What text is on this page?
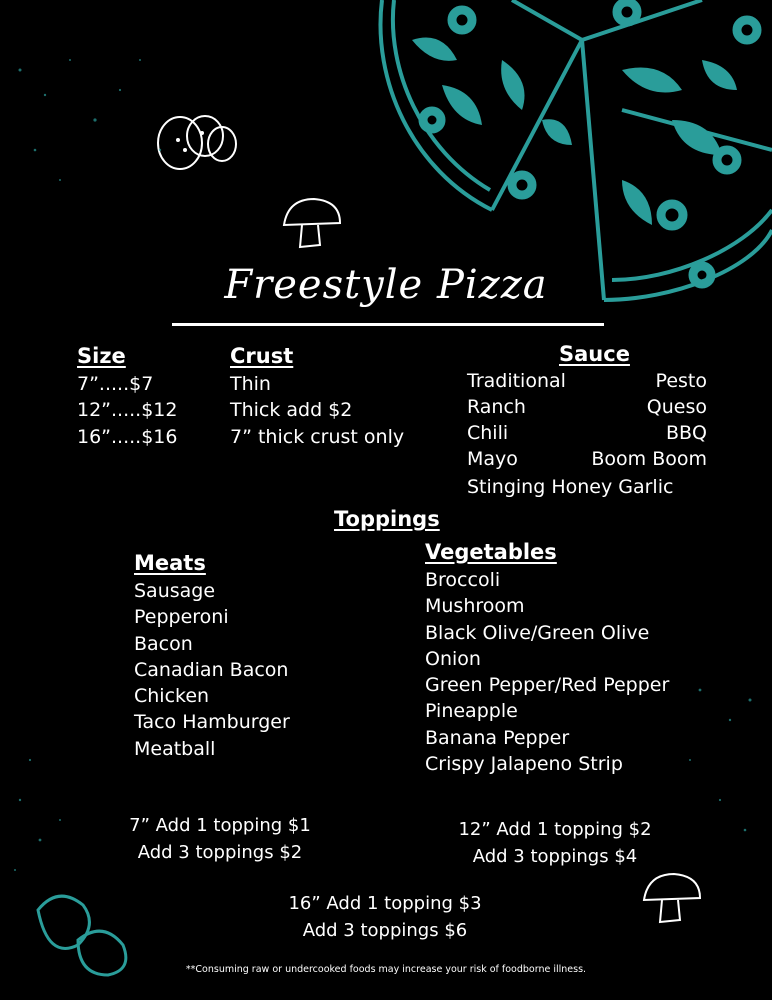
Freestyle Pizza
Size
7”.....$7
12”.....$12
16”.....$16
Crust
Thin
Thick add $2
7” thick crust only
Sauce
Traditional	Pesto
Ranch	Queso
Chili	BBQ
Mayo	Boom Boom
Stinging Honey Garlic
Toppings
Meats
Sausage
Pepperoni
Bacon
Canadian Bacon
Chicken
Taco Hamburger
Meatball
Vegetables
Broccoli
Mushroom
Black Olive/Green Olive
Onion
Green Pepper/Red Pepper
Pineapple
Banana Pepper
Crispy Jalapeno Strip
7” Add 1 topping $1
Add 3 toppings $2
12” Add 1 topping $2
Add 3 toppings $4
16” Add 1 topping $3
Add 3 toppings $6
**Consuming raw or undercooked foods may increase your risk of foodborne illness.
